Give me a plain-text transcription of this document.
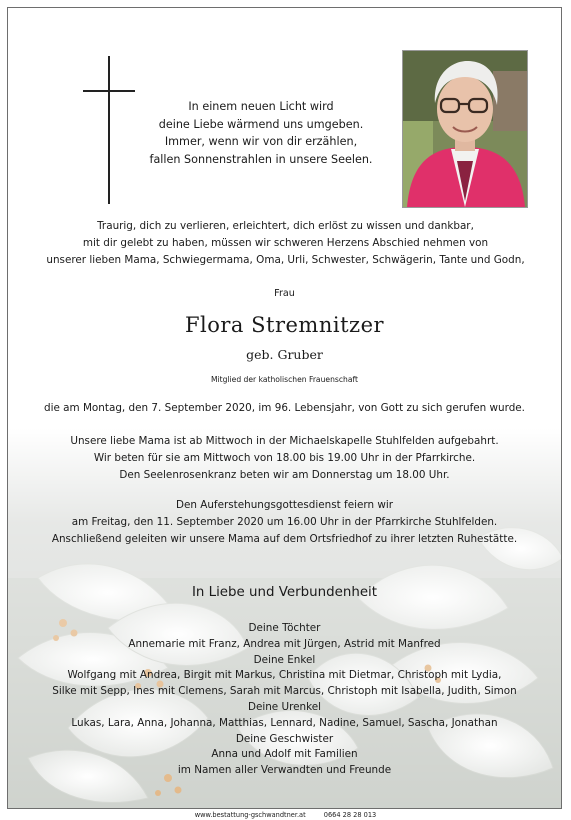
In einem neuen Licht wird
deine Liebe wärmend uns umgeben.
Immer, wenn wir von dir erzählen,
fallen Sonnenstrahlen in unsere Seelen.
Traurig, dich zu verlieren, erleichtert, dich erlöst zu wissen und dankbar,
mit dir gelebt zu haben, müssen wir schweren Herzens Abschied nehmen von
unserer lieben Mama, Schwiegermama, Oma, Urli, Schwester, Schwägerin, Tante und Godn,
Frau
Flora Stremnitzer
geb. Gruber
Mitglied der katholischen Frauenschaft
die am Montag, den 7. September 2020, im 96. Lebensjahr, von Gott zu sich gerufen wurde.
Unsere liebe Mama ist ab Mittwoch in der Michaelskapelle Stuhlfelden aufgebahrt.
Wir beten für sie am Mittwoch von 18.00 bis 19.00 Uhr in der Pfarrkirche.
Den Seelenrosenkranz beten wir am Donnerstag um 18.00 Uhr.
Den Auferstehungsgottesdienst feiern wir
am Freitag, den 11. September 2020 um 16.00 Uhr in der Pfarrkirche Stuhlfelden.
Anschließend geleiten wir unsere Mama auf dem Ortsfriedhof zu ihrer letzten Ruhestätte.
In Liebe und Verbundenheit
Deine Töchter
Annemarie mit Franz, Andrea mit Jürgen, Astrid mit Manfred
Deine Enkel
Wolfgang mit Andrea, Birgit mit Markus, Christina mit Dietmar, Christoph mit Lydia,
Silke mit Sepp, Ines mit Clemens, Sarah mit Marcus, Christoph mit Isabella, Judith, Simon
Deine Urenkel
Lukas, Lara, Anna, Johanna, Matthias, Lennard, Nadine, Samuel, Sascha, Jonathan
Deine Geschwister
Anna und Adolf mit Familien
im Namen aller Verwandten und Freunde
www.bestattung-gschwandtner.at	0664 28 28 013
